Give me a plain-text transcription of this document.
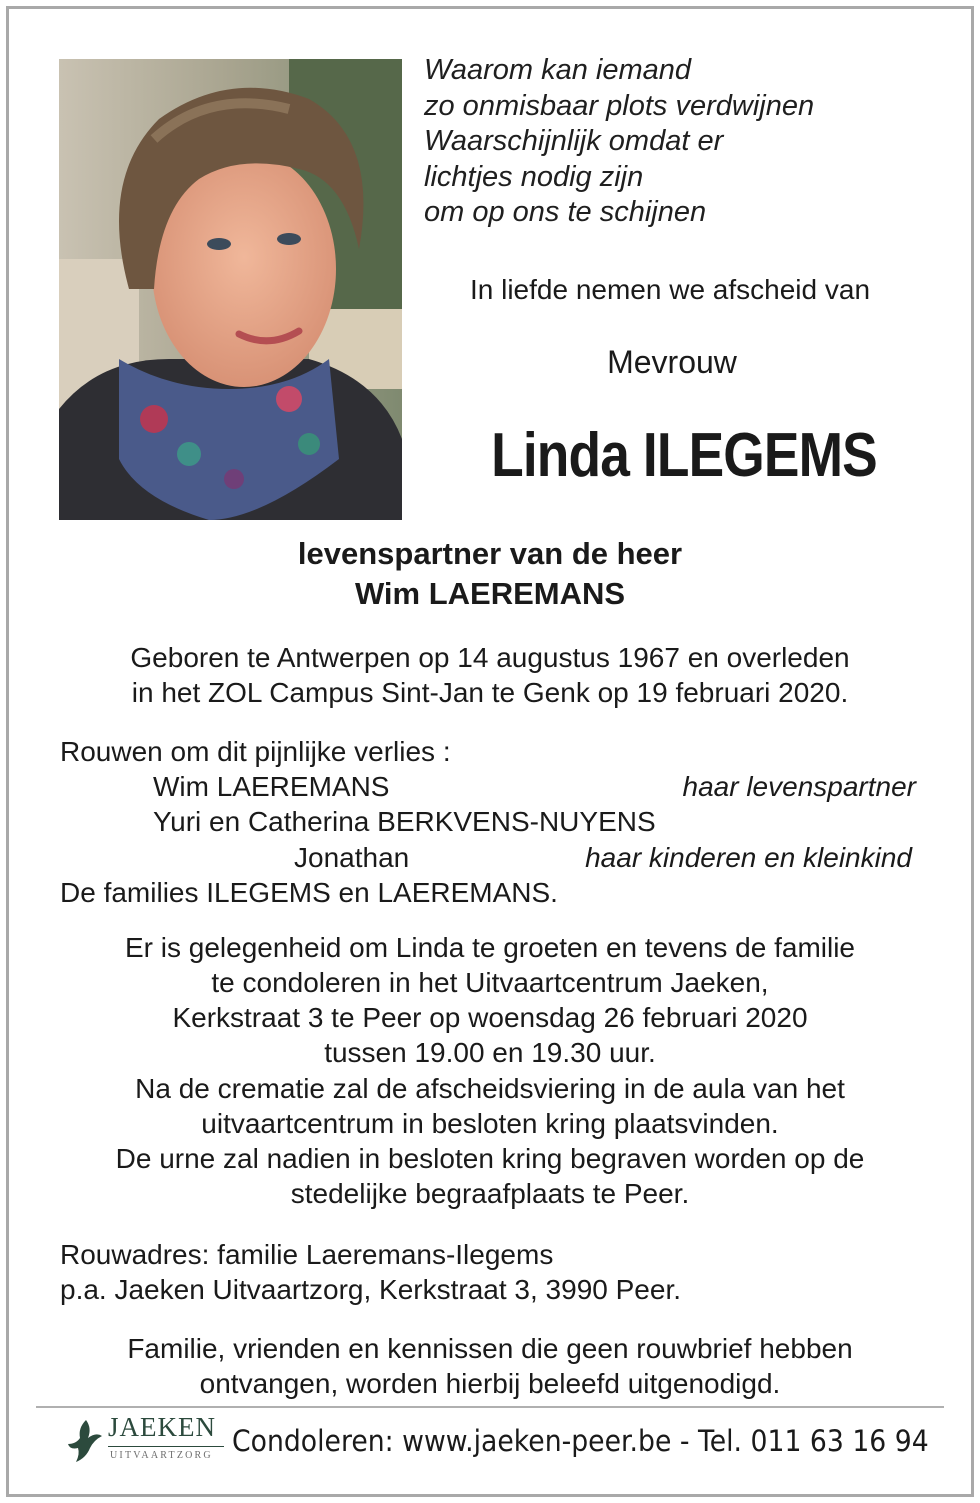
Waarom kan iemand
zo onmisbaar plots verdwijnen
Waarschijnlijk omdat er
lichtjes nodig zijn
om op ons te schijnen
In liefde nemen we afscheid van
Mevrouw
Linda ILEGEMS
levenspartner van de heer
Wim LAEREMANS
Geboren te Antwerpen op 14 augustus 1967 en overleden
in het ZOL Campus Sint-Jan te Genk op 19 februari 2020.
Rouwen om dit pijnlijke verlies :
Wim LAEREMANS	haar levenspartner
Yuri en Catherina BERKVENS-NUYENS
Jonathan	haar kinderen en kleinkind
De families ILEGEMS en LAEREMANS.
Er is gelegenheid om Linda te groeten en tevens de familie
te condoleren in het Uitvaartcentrum Jaeken,
Kerkstraat 3 te Peer op woensdag 26 februari 2020
tussen 19.00 en 19.30 uur.
Na de crematie zal de afscheidsviering in de aula van het
uitvaartcentrum in besloten kring plaatsvinden.
De urne zal nadien in besloten kring begraven worden op de
stedelijke begraafplaats te Peer.
Rouwadres: familie Laeremans-Ilegems
p.a. Jaeken Uitvaartzorg, Kerkstraat 3, 3990 Peer.
Familie, vrienden en kennissen die geen rouwbrief hebben
ontvangen, worden hierbij beleefd uitgenodigd.
JAEKEN
UITVAARTZORG Condoleren: www.jaeken-peer.be - Tel. 011 63 16 94
